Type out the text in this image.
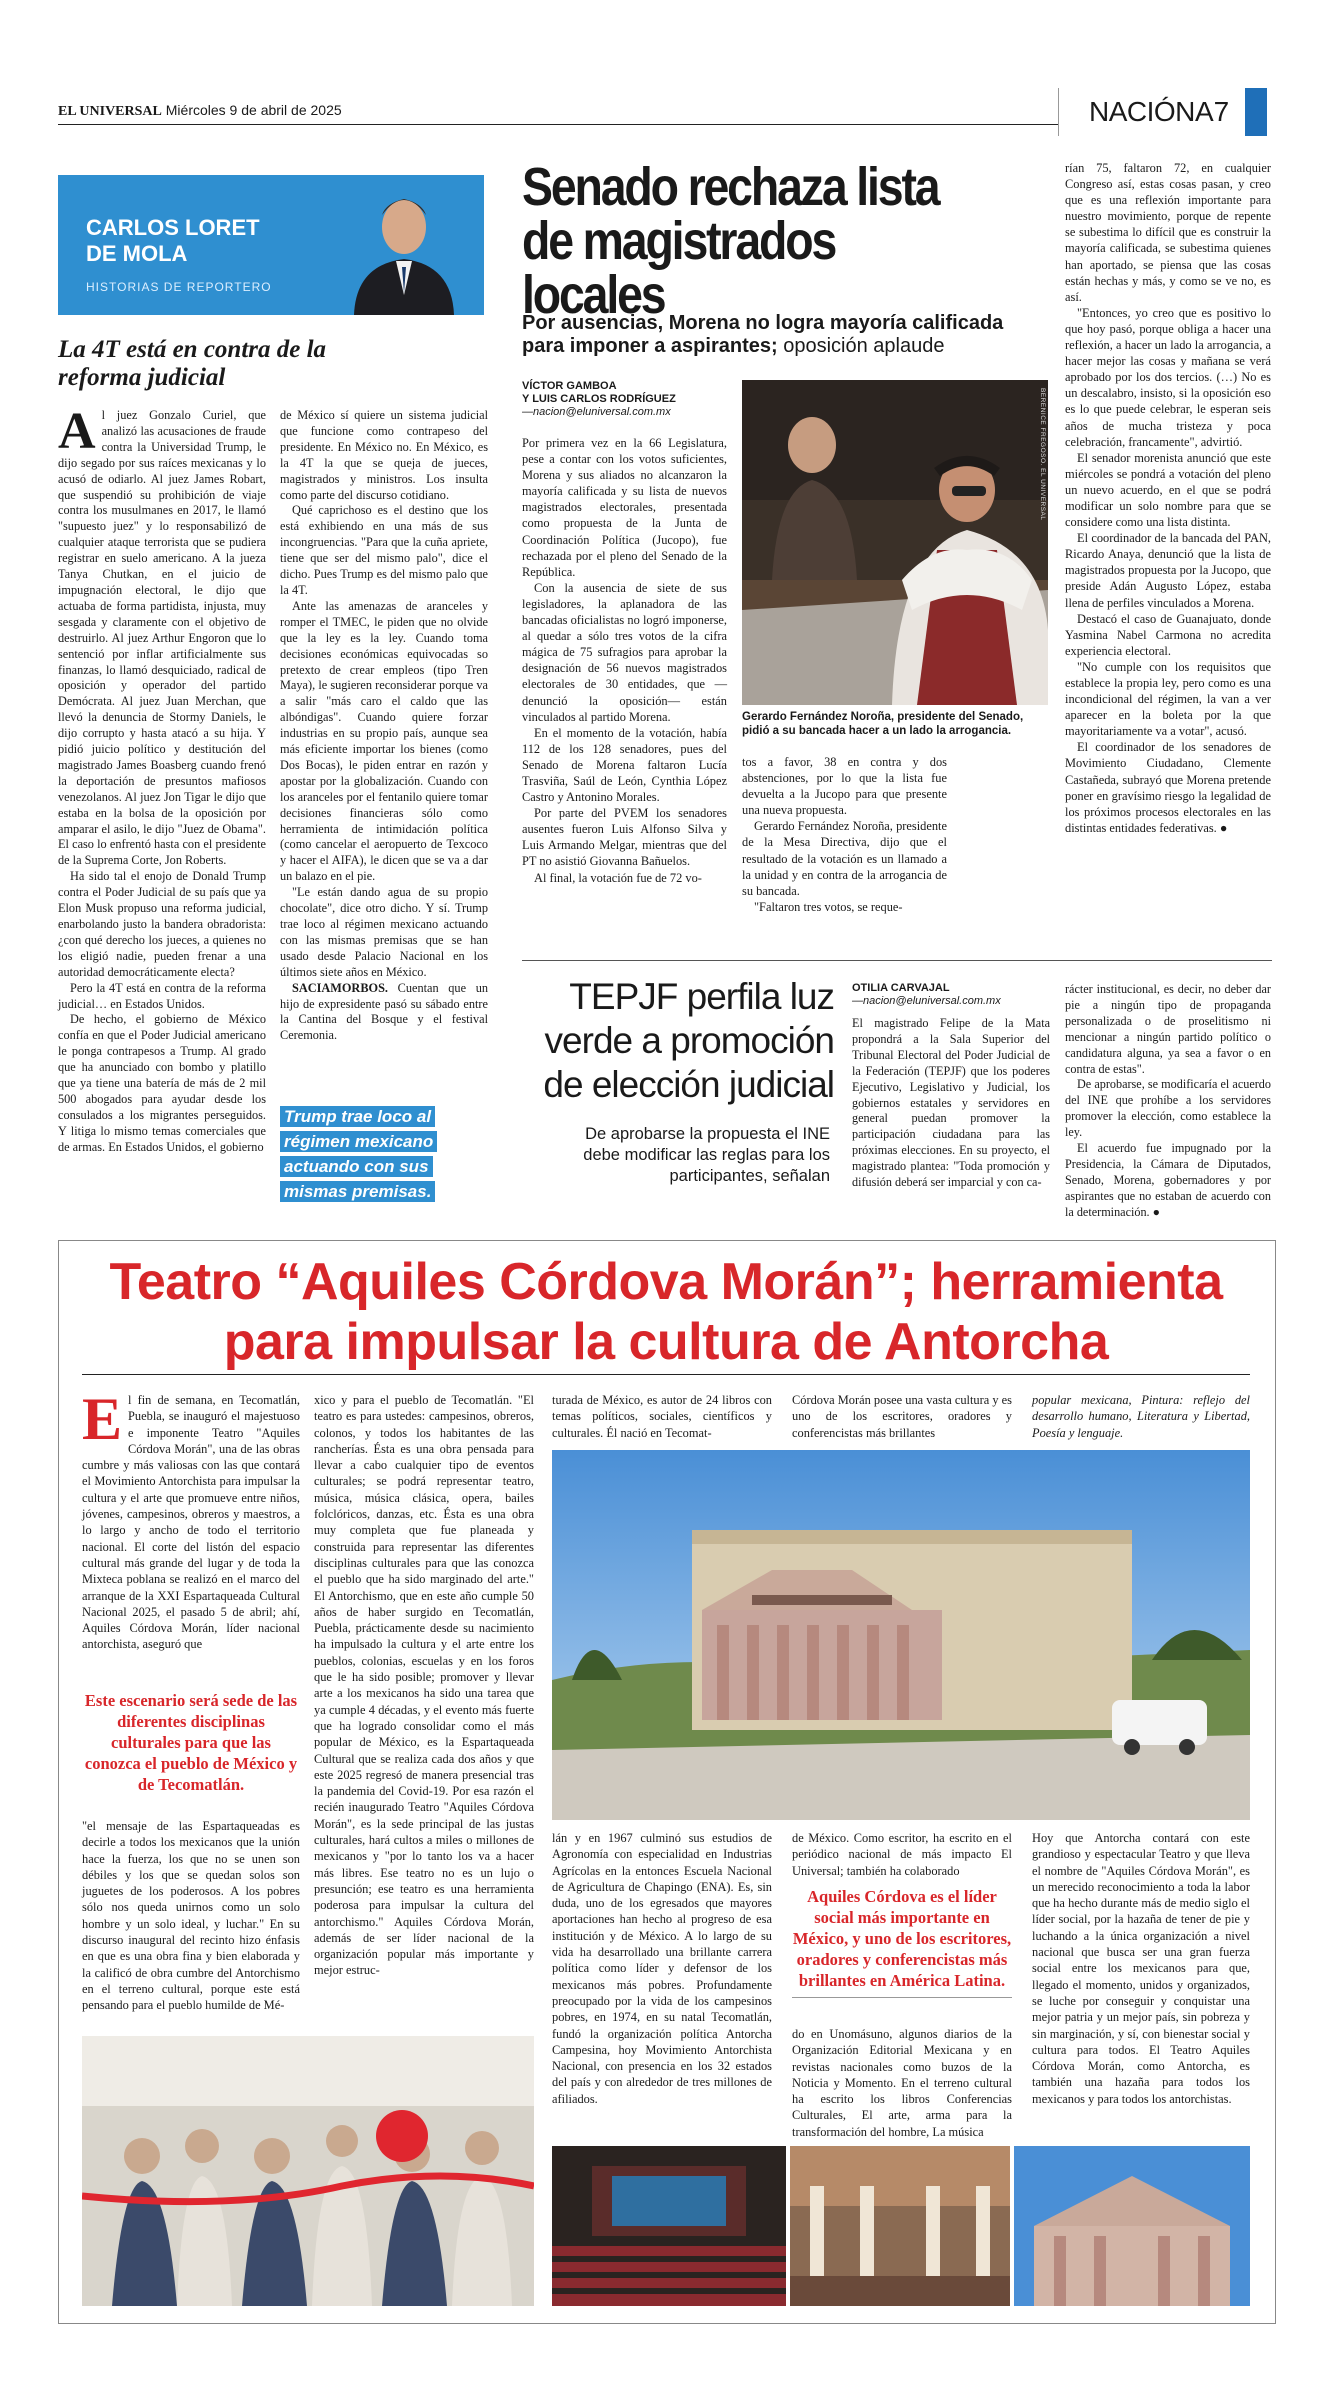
EL UNIVERSAL Miércoles 9 de abril de 2025	NACIÓN A7
CARLOS LORET DE MOLA
HISTORIAS DE REPORTERO
La 4T está en contra de la reforma judicial
A l juez Gonzalo Curiel, que analizó las acusaciones de fraude contra la Universidad Trump, le dijo segado por sus raíces mexicanas y lo acusó de odiarlo. Al juez James Robart, que suspendió su prohibición de viaje contra los musulmanes en 2017, le llamó "supuesto juez" y lo responsabilizó de cualquier ataque terrorista que se pudiera registrar en suelo americano. A la jueza Tanya Chutkan, en el juicio de impugnación electoral, le dijo que actuaba de forma partidista, injusta, muy sesgada y claramente con el objetivo de destruirlo. Al juez Arthur Engoron que lo sentenció por inflar artificialmente sus finanzas, lo llamó desquiciado, radical de oposición y operador del partido Demócrata. Al juez Juan Merchan, que llevó la denuncia de Stormy Daniels, le dijo corrupto y hasta atacó a su hija. Y pidió juicio político y destitución del magistrado James Boasberg cuando frenó la deportación de presuntos mafiosos venezolanos. Al juez Jon Tigar le dijo que estaba en la bolsa de la oposición por amparar el asilo, le dijo "Juez de Obama". El caso lo enfrentó hasta con el presidente de la Suprema Corte, Jon Roberts.

Ha sido tal el enojo de Donald Trump contra el Poder Judicial de su país que ya Elon Musk propuso una reforma judicial, enarbolando justo la bandera obradorista: ¿con qué derecho los jueces, a quienes no los eligió nadie, pueden frenar a una autoridad democráticamente electa?

Pero la 4T está en contra de la reforma judicial… en Estados Unidos.

De hecho, el gobierno de México confía en que el Poder Judicial americano le ponga contrapesos a Trump. Al grado que ha anunciado con bombo y platillo que ya tiene una batería de más de 2 mil 500 abogados para ayudar desde los consulados a los migrantes perseguidos. Y litiga lo mismo temas comerciales que de armas. En Estados Unidos, el gobierno

de México sí quiere un sistema judicial que funcione como contrapeso del presidente. En México no. En México, es la 4T la que se queja de jueces, magistrados y ministros. Los insulta como parte del discurso cotidiano.

Qué caprichoso es el destino que los está exhibiendo en una más de sus incongruencias. "Para que la cuña apriete, tiene que ser del mismo palo", dice el dicho. Pues Trump es del mismo palo que la 4T.

Ante las amenazas de aranceles y romper el TMEC, le piden que no olvide que la ley es la ley. Cuando toma decisiones económicas equivocadas so pretexto de crear empleos (tipo Tren Maya), le sugieren reconsiderar porque va a salir "más caro el caldo que las albóndigas". Cuando quiere forzar industrias en su propio país, aunque sea más eficiente importar los bienes (como Dos Bocas), le piden entrar en razón y apostar por la globalización. Cuando con los aranceles por el fentanilo quiere tomar decisiones financieras sólo como herramienta de intimidación política (como cancelar el aeropuerto de Texcoco y hacer el AIFA), le dicen que se va a dar un balazo en el pie.

"Le están dando agua de su propio chocolate", dice otro dicho. Y sí. Trump trae loco al régimen mexicano actuando con las mismas premisas que se han usado desde Palacio Nacional en los últimos siete años en México.

SACIAMORBOS. Cuentan que un hijo de expresidente pasó su sábado entre la Cantina del Bosque y el festival Ceremonia.

Trump trae loco al régimen mexicano actuando con sus mismas premisas.
Senado rechaza lista de magistrados locales
Por ausencias, Morena no logra mayoría calificada para imponer a aspirantes; oposición aplaude
VÍCTOR GAMBOA
Y LUIS CARLOS RODRÍGUEZ
—nacion@eluniversal.com.mx

Por primera vez en la 66 Legislatura, pese a contar con los votos suficientes, Morena y sus aliados no alcanzaron la mayoría calificada y su lista de nuevos magistrados electorales, presentada como propuesta de la Junta de Coordinación Política (Jucopo), fue rechazada por el pleno del Senado de la República.

Con la ausencia de siete de sus legisladores, la aplanadora de las bancadas oficialistas no logró imponerse, al quedar a sólo tres votos de la cifra mágica de 75 sufragios para aprobar la designación de 56 nuevos magistrados electorales de 30 entidades, que —denunció la oposición— están vinculados al partido Morena.

En el momento de la votación, había 112 de los 128 senadores, pues del Senado de Morena faltaron Lucía Trasviña, Saúl de León, Cynthia López Castro y Antonino Morales.

Por parte del PVEM los senadores ausentes fueron Luis Alfonso Silva y Luis Armando Melgar, mientras que del PT no asistió Giovanna Bañuelos.

Al final, la votación fue de 72 vo-

BERENICE FREGOSO. EL UNIVERSAL
Gerardo Fernández Noroña, presidente del Senado, pidió a su bancada hacer a un lado la arrogancia.

tos a favor, 38 en contra y dos abstenciones, por lo que la lista fue devuelta a la Jucopo para que presente una nueva propuesta.

Gerardo Fernández Noroña, presidente de la Mesa Directiva, dijo que el resultado de la votación es un llamado a la unidad y en contra de la arrogancia de su bancada.

"Faltaron tres votos, se reque-

rían 75, faltaron 72, en cualquier Congreso así, estas cosas pasan, y creo que es una reflexión importante para nuestro movimiento, porque de repente se subestima lo difícil que es construir la mayoría calificada, se subestima quienes han aportado, se piensa que las cosas están hechas y más, y como se ve no, es así.

"Entonces, yo creo que es positivo lo que hoy pasó, porque obliga a hacer una reflexión, a hacer un lado la arrogancia, a hacer mejor las cosas y mañana se verá aprobado por los dos tercios. (…) No es un descalabro, insisto, si la oposición eso es lo que puede celebrar, le esperan seis años de mucha tristeza y poca celebración, francamente", advirtió.

El senador morenista anunció que este miércoles se pondrá a votación del pleno un nuevo acuerdo, en el que se podrá modificar un solo nombre para que se considere como una lista distinta.

El coordinador de la bancada del PAN, Ricardo Anaya, denunció que la lista de magistrados propuesta por la Jucopo, que preside Adán Augusto López, estaba llena de perfiles vinculados a Morena.

Destacó el caso de Guanajuato, donde Yasmina Nabel Carmona no acredita experiencia electoral.

"No cumple con los requisitos que establece la propia ley, pero como es una incondicional del régimen, la van a ver aparecer en la boleta por la que mayoritariamente va a votar", acusó.

El coordinador de los senadores de Movimiento Ciudadano, Clemente Castañeda, subrayó que Morena pretende poner en gravísimo riesgo la legalidad de los próximos procesos electorales en las distintas entidades federativas. ●

TEPJF perfila luz verde a promoción de elección judicial
De aprobarse la propuesta el INE debe modificar las reglas para los participantes, señalan
OTILIA CARVAJAL
—nacion@eluniversal.com.mx

El magistrado Felipe de la Mata propondrá a la Sala Superior del Tribunal Electoral del Poder Judicial de la Federación (TEPJF) que los poderes Ejecutivo, Legislativo y Judicial, los gobiernos estatales y servidores en general puedan promover la participación ciudadana para las próximas elecciones. En su proyecto, el magistrado plantea: "Toda promoción y difusión deberá ser imparcial y con ca-

rácter institucional, es decir, no deber dar pie a ningún tipo de propaganda personalizada o de proselitismo ni mencionar a ningún partido político o candidatura alguna, ya sea a favor o en contra de estas".

De aprobarse, se modificaría el acuerdo del INE que prohíbe a los servidores promover la elección, como establece la ley.

El acuerdo fue impugnado por la Presidencia, la Cámara de Diputados, Senado, Morena, gobernadores y por aspirantes que no estaban de acuerdo con la determinación. ●

Teatro “Aquiles Córdova Morán”; herramienta
para impulsar la cultura de Antorcha
E l fin de semana, en Tecomatlán, Puebla, se inauguró el majestuoso e imponente Teatro "Aquiles Córdova Morán", una de las obras cumbre y más valiosas con las que contará el Movimiento Antorchista para impulsar la cultura y el arte que promueve entre niños, jóvenes, campesinos, obreros y maestros, a lo largo y ancho de todo el territorio nacional. El corte del listón del espacio cultural más grande del lugar y de toda la Mixteca poblana se realizó en el marco del arranque de la XXI Espartaqueada Cultural Nacional 2025, el pasado 5 de abril; ahí, Aquiles Córdova Morán, líder nacional antorchista, aseguró que

Este escenario será sede de las diferentes disciplinas culturales para que las conozca el pueblo de México y de Tecomatlán.

"el mensaje de las Espartaqueadas es decirle a todos los mexicanos que la unión hace la fuerza, los que no se unen son débiles y los que se quedan solos son juguetes de los poderosos. A los pobres sólo nos queda unirnos como un solo hombre y un solo ideal, y luchar." En su discurso inaugural del recinto hizo énfasis en que es una obra fina y bien elaborada y la calificó de obra cumbre del Antorchismo en el terreno cultural, porque este está pensando para el pueblo humilde de Mé-

xico y para el pueblo de Tecomatlán. "El teatro es para ustedes: campesinos, obreros, colonos, y todos los habitantes de las rancherías. Ésta es una obra pensada para llevar a cabo cualquier tipo de eventos culturales; se podrá representar teatro, música, música clásica, opera, bailes folclóricos, danzas, etc. Ésta es una obra muy completa que fue planeada y construida para representar las diferentes disciplinas culturales para que las conozca el pueblo que ha sido marginado del arte." El Antorchismo, que en este año cumple 50 años de haber surgido en Tecomatlán, Puebla, prácticamente desde su nacimiento ha impulsado la cultura y el arte entre los pueblos, colonias, escuelas y en los foros que le ha sido posible; promover y llevar arte a los mexicanos ha sido una tarea que ya cumple 4 décadas, y el evento más fuerte que ha logrado consolidar como el más popular de México, es la Espartaqueada Cultural que se realiza cada dos años y que este 2025 regresó de manera presencial tras la pandemia del Covid-19. Por esa razón el recién inaugurado Teatro "Aquiles Córdova Morán", es la sede principal de las justas culturales, hará cultos a miles o millones de mexicanos y "por lo tanto los va a hacer más libres. Ese teatro no es un lujo o presunción; ese teatro es una herramienta poderosa para impulsar la cultura del antorchismo." Aquiles Córdova Morán, además de ser líder nacional de la organización popular más importante y mejor estruc-

turada de México, es autor de 24 libros con temas políticos, sociales, científicos y culturales. Él nació en Tecomat-

Córdova Morán posee una vasta cultura y es uno de los escritores, oradores y conferencistas más brillantes

popular mexicana, Pintura: reflejo del desarrollo humano, Literatura y Libertad, Poesía y lenguaje.

lán y en 1967 culminó sus estudios de Agronomía con especialidad en Industrias Agrícolas en la entonces Escuela Nacional de Agricultura de Chapingo (ENA). Es, sin duda, uno de los egresados que mayores aportaciones han hecho al progreso de esa institución y de México. A lo largo de su vida ha desarrollado una brillante carrera política como líder y defensor de los mexicanos más pobres. Profundamente preocupado por la vida de los campesinos pobres, en 1974, en su natal Tecomatlán, fundó la organización política Antorcha Campesina, hoy Movimiento Antorchista Nacional, con presencia en los 32 estados del país y con alrededor de tres millones de afiliados.

de México. Como escritor, ha escrito en el periódico nacional de más impacto El Universal; también ha colaborado

Aquiles Córdova es el líder social más importante en México, y uno de los escritores, oradores y conferencistas más brillantes en América Latina.

do en Unomásuno, algunos diarios de la Organización Editorial Mexicana y en revistas nacionales como buzos de la Noticia y Momento. En el terreno cultural ha escrito los libros Conferencias Culturales, El arte, arma para la transformación del hombre, La música

Hoy que Antorcha contará con este grandioso y espectacular Teatro y que lleva el nombre de "Aquiles Córdova Morán", es un merecido reconocimiento a toda la labor que ha hecho durante más de medio siglo el líder social, por la hazaña de tener de pie y luchando a la única organización a nivel nacional que busca ser una gran fuerza social entre los mexicanos para que, llegado el momento, unidos y organizados, se luche por conseguir y conquistar una mejor patria y un mejor país, sin pobreza y sin marginación, y sí, con bienestar social y cultura para todos. El Teatro Aquiles Córdova Morán, como Antorcha, es también una hazaña para todos los mexicanos y para todos los antorchistas.
